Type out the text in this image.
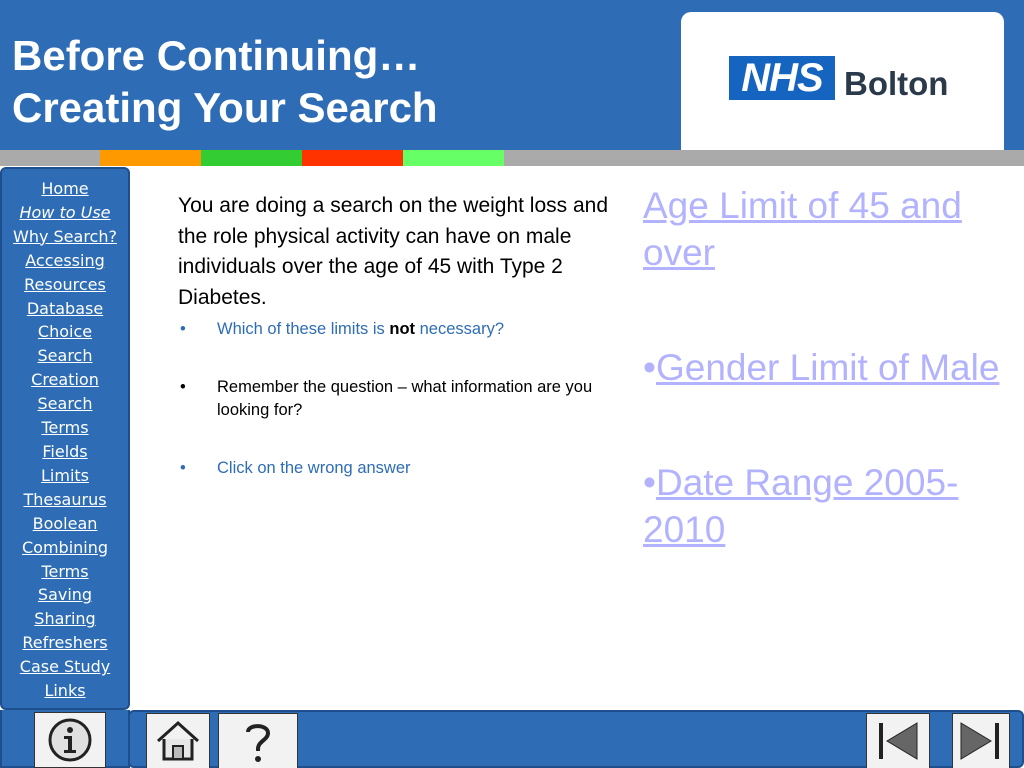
Before Continuing…
Creating Your Search
NHS Bolton
Home
How to Use
Why Search?
Accessing
Resources
Database
Choice
Search
Creation
Search
Terms
Fields
Limits
Thesaurus
Boolean
Combining
Terms
Saving
Sharing
Refreshers
Case Study
Links

You are doing a search on the weight loss and the role physical activity can have on male individuals over the age of 45 with Type 2 Diabetes.

• Which of these limits is not necessary?
• Remember the question – what information are you looking for?
• Click on the wrong answer
Age Limit of 45 and over
•Gender Limit of Male
•Date Range 2005-2010
